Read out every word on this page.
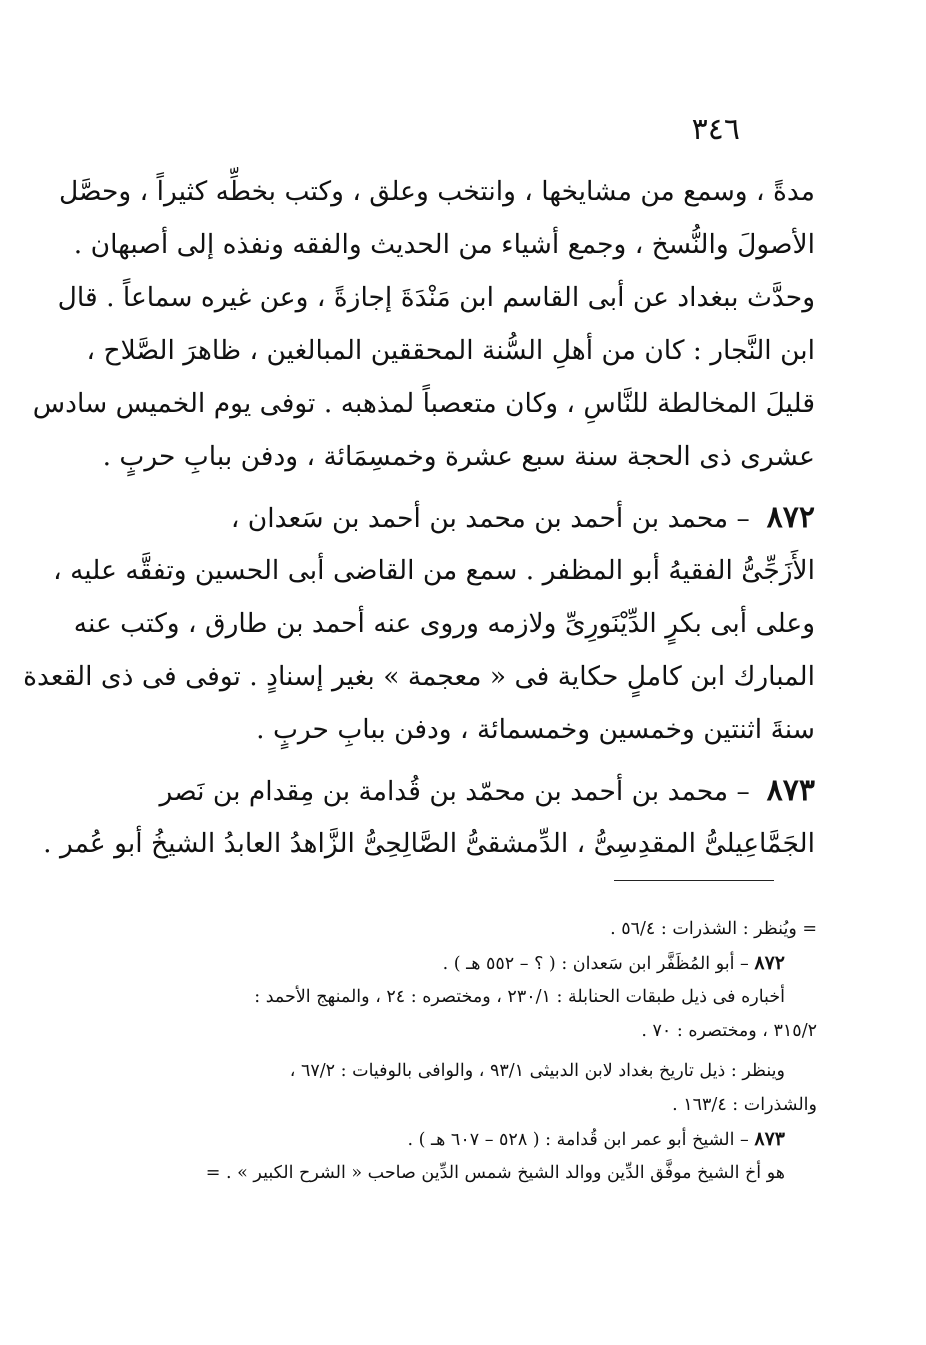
٣٤٦
مدةً ، وسمع من مشايخها ، وانتخب وعلق ، وكتب بخطِّه كثيراً ، وحصَّل
الأصولَ والنُّسخ ، وجمع أشياء من الحديث والفقه ونفذه إلى أصبهان .
وحدَّث ببغداد عن أبى القاسم ابن مَنْدَةَ إجازةً ، وعن غيره سماعاً . قال
ابن النَّجار : كان من أهلِ السُّنة المحققين المبالغين ، ظاهرَ الصَّلاح ،
قليلَ المخالطة للنَّاسِ ، وكان متعصباً لمذهبه . توفى يوم الخميس سادس
عشرى ذى الحجة سنة سبع عشرة وخمسِمَائة ، ودفن ببابِ حربٍ .
٨٧٢  – محمد بن أحمد بن محمد بن أحمد بن سَعدان ،
الأَزَجِّىُّ الفقيهُ أبو المظفر . سمع من القاضى أبى الحسين وتفقَّه عليه ،
وعلى أبى بكرٍ الدِّيْنَورِىِّ ولازمه وروى عنه أحمد بن طارق ، وكتب عنه
المبارك ابن كاملٍ حكاية فى « معجمة » بغير إسنادٍ . توفى فى ذى القعدة
سنةَ اثنتين وخمسين وخمسمائة ، ودفن ببابِ حربٍ .
٨٧٣  – محمد بن أحمد بن محمّد بن قُدامة بن مِقدام بن نَصر
الجَمَّاعِيلىُّ المقدِسِىُّ ، الدِّمشقىُّ الصَّالِحِىُّ الزَّاهدُ العابدُ الشيخُ أبو عُمر .
= ويُنظر : الشذرات : ٥٦/٤ .
٨٧٢ – أبو المُظَفَّر ابن سَعدان : ( ؟ – ٥٥٢ هـ ) .
أخباره فى ذيل طبقات الحنابلة : ٢٣٠/١ ، ومختصره : ٢٤ ، والمنهج الأحمد :
٣١٥/٢ ، ومختصره : ٧٠ .
وينظر : ذيل تاريخ بغداد لابن الدبيثى ٩٣/١ ، والوافى بالوفيات : ٦٧/٢ ،
والشذرات : ١٦٣/٤ .
٨٧٣ – الشيخ أبو عمر ابن قُدامة : ( ٥٢٨ – ٦٠٧ هـ ) .
هو أخ الشيخ موفَّق الدِّين ووالد الشيخ شمس الدِّين صاحب « الشرح الكبير » . =
